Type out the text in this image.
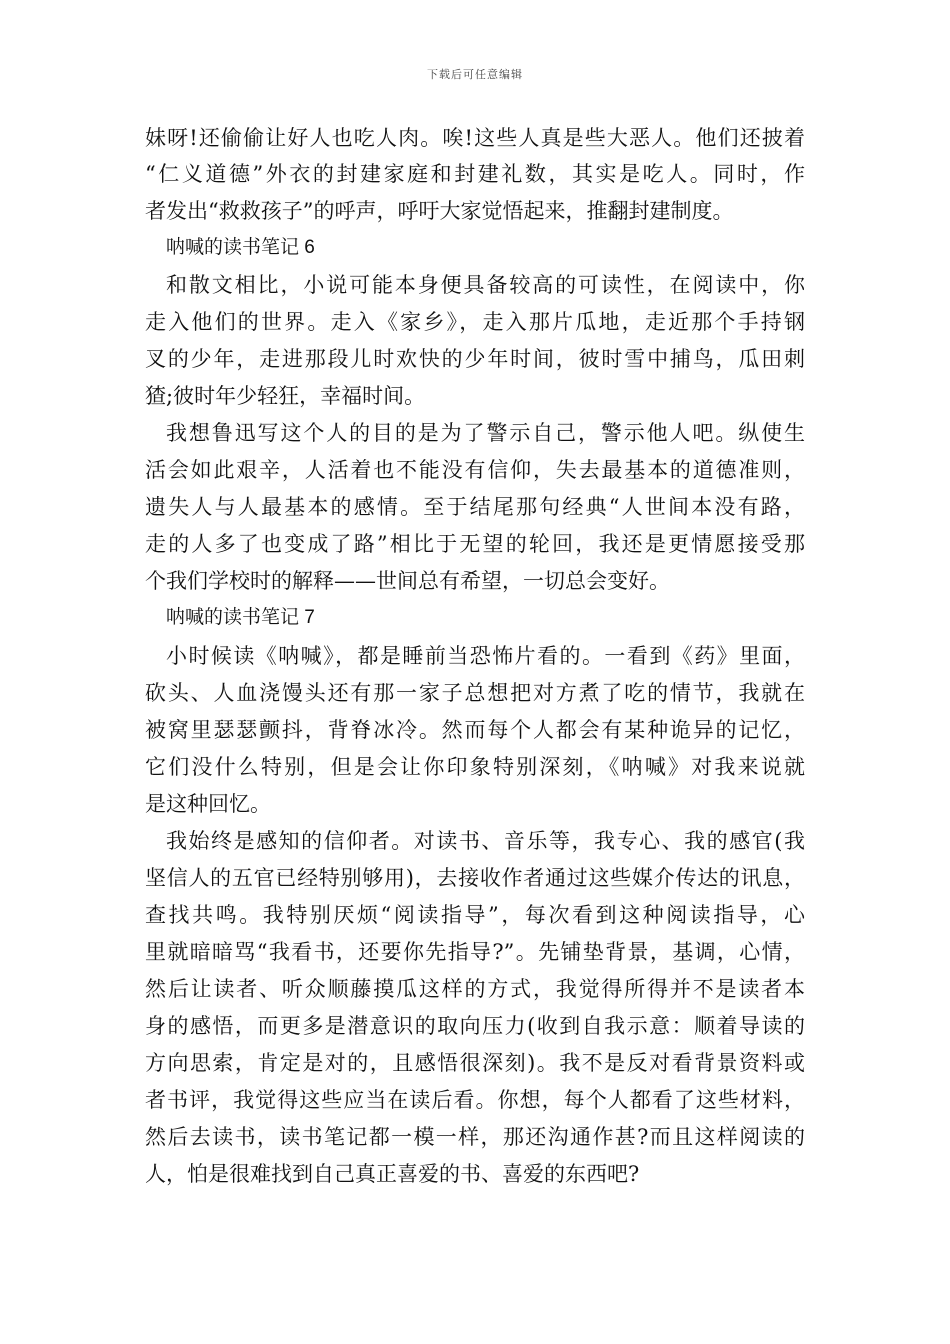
下载后可任意编辑
妹呀!还偷偷让好人也吃人肉。唉!这些人真是些大恶人。他们还披着
“仁义道德”外衣的封建家庭和封建礼数，其实是吃人。同时，作
者发出“救救孩子”的呼声，呼吁大家觉悟起来，推翻封建制度。
呐喊的读书笔记 6
和散文相比，小说可能本身便具备较高的可读性，在阅读中，你
走入他们的世界。走入《家乡》，走入那片瓜地，走近那个手持钢
叉的少年，走进那段儿时欢快的少年时间，彼时雪中捕鸟，瓜田刺
猹;彼时年少轻狂，幸福时间。
我想鲁迅写这个人的目的是为了警示自己，警示他人吧。纵使生
活会如此艰辛，人活着也不能没有信仰，失去最基本的道德准则，
遗失人与人最基本的感情。至于结尾那句经典“人世间本没有路，
走的人多了也变成了路”相比于无望的轮回，我还是更情愿接受那
个我们学校时的解释——世间总有希望，一切总会变好。
呐喊的读书笔记 7
小时候读《呐喊》，都是睡前当恐怖片看的。一看到《药》里面，
砍头、人血浇馒头还有那一家子总想把对方煮了吃的情节，我就在
被窝里瑟瑟颤抖，背脊冰冷。然而每个人都会有某种诡异的记忆，
它们没什么特别，但是会让你印象特别深刻，《呐喊》对我来说就
是这种回忆。
我始终是感知的信仰者。对读书、音乐等，我专心、我的感官(我
坚信人的五官已经特别够用)，去接收作者通过这些媒介传达的讯息，
查找共鸣。我特别厌烦“阅读指导”，每次看到这种阅读指导，心
里就暗暗骂“我看书，还要你先指导?”。先铺垫背景，基调，心情，
然后让读者、听众顺藤摸瓜这样的方式，我觉得所得并不是读者本
身的感悟，而更多是潜意识的取向压力(收到自我示意：顺着导读的
方向思索，肯定是对的，且感悟很深刻)。我不是反对看背景资料或
者书评，我觉得这些应当在读后看。你想，每个人都看了这些材料，
然后去读书，读书笔记都一模一样，那还沟通作甚?而且这样阅读的
人，怕是很难找到自己真正喜爱的书、喜爱的东西吧?
